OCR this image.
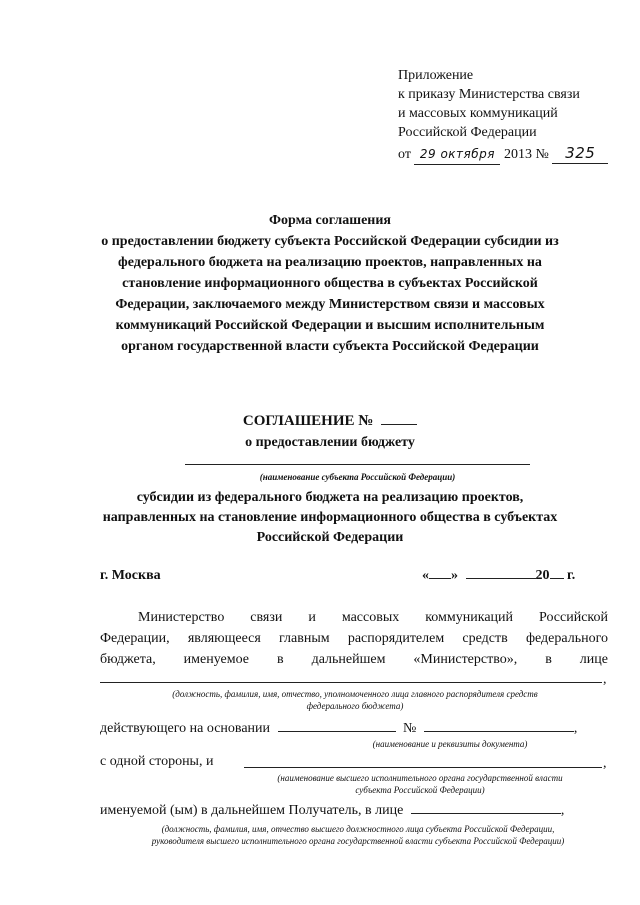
Приложение
к приказу Министерства связи
и массовых коммуникаций
Российской Федерации
от 29 октября 2013 № 325
Форма соглашения
о предоставлении бюджету субъекта Российской Федерации субсидии из
федерального бюджета на реализацию проектов, направленных на
становление информационного общества в субъектах Российской
Федерации, заключаемого между Министерством связи и массовых
коммуникаций Российской Федерации и высшим исполнительным
органом государственной власти субъекта Российской Федерации
СОГЛАШЕНИЕ №
о предоставлении бюджету
(наименование субъекта Российской Федерации)
субсидии из федерального бюджета на реализацию проектов,
направленных на становление информационного общества в субъектах
Российской Федерации
г. Москва	« »	20 г.
Министерство связи и массовых коммуникаций Российской
Федерации, являющееся главным распорядителем средств федерального
бюджета, именуемое в дальнейшем «Министерство», в лице
,
(должность, фамилия, имя, отчество, уполномоченного лица главного распорядителя средств
федерального бюджета)
действующего на основании	№	,
(наименование и реквизиты документа)
с одной стороны, и	,
(наименование высшего исполнительного органа государственной власти
субъекта Российской Федерации)
именуемой (ым) в дальнейшем Получатель, в лице	,
(должность, фамилия, имя, отчество высшего должностного лица субъекта Российской Федерации,
руководителя высшего исполнительного органа государственной власти субъекта Российской Федерации)
